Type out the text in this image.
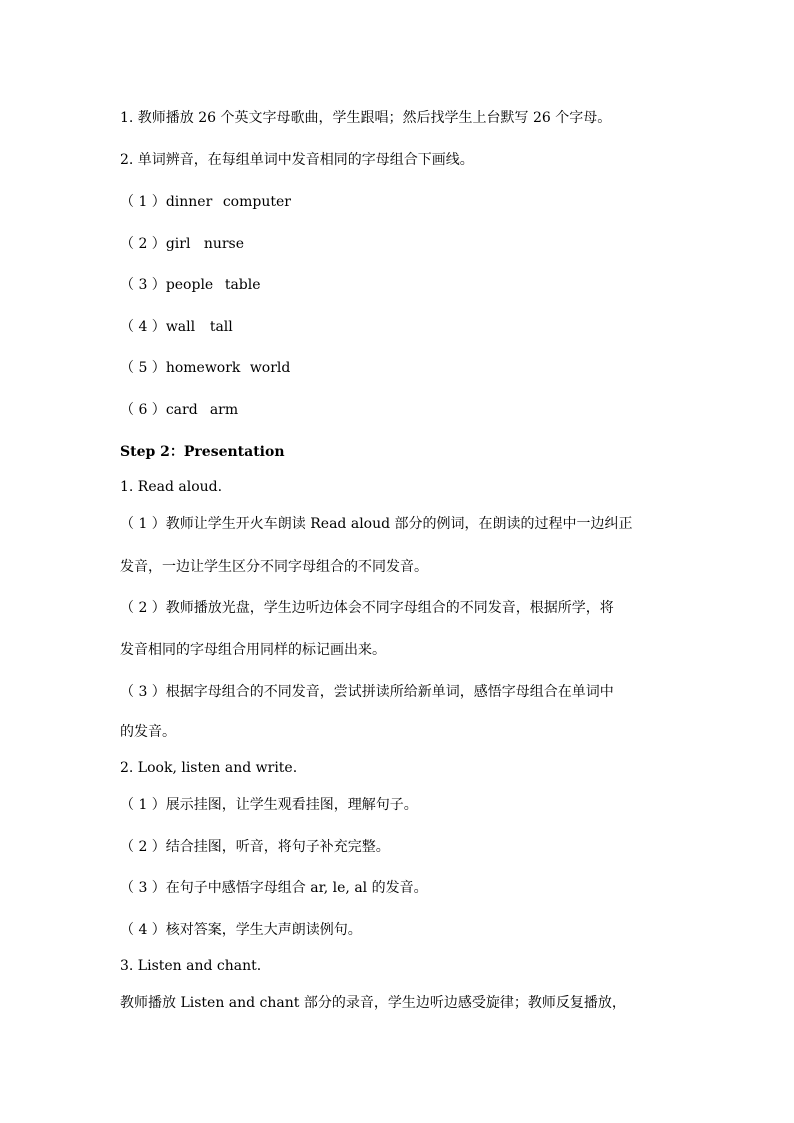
1. 教师播放 26 个英文字母歌曲，学生跟唱；然后找学生上台默写 26 个字母。
2. 单词辨音，在每组单词中发音相同的字母组合下画线。
（ 1 ）dinner computer
（ 2 ）girl nurse
（ 3 ）people table
（ 4 ）wall tall
（ 5 ）homework world
（ 6 ）card arm
Step 2：Presentation
1. Read aloud.
（ 1 ）教师让学生开火车朗读 Read aloud 部分的例词，在朗读的过程中一边纠正
发音，一边让学生区分不同字母组合的不同发音。
（ 2 ）教师播放光盘，学生边听边体会不同字母组合的不同发音，根据所学，将
发音相同的字母组合用同样的标记画出来。
（ 3 ）根据字母组合的不同发音，尝试拼读所给新单词，感悟字母组合在单词中
的发音。
2. Look, listen and write.
（ 1 ）展示挂图，让学生观看挂图，理解句子。
（ 2 ）结合挂图，听音，将句子补充完整。
（ 3 ）在句子中感悟字母组合 ar, le, al 的发音。
（ 4 ）核对答案，学生大声朗读例句。
3. Listen and chant.
教师播放 Listen and chant 部分的录音，学生边听边感受旋律；教师反复播放，
